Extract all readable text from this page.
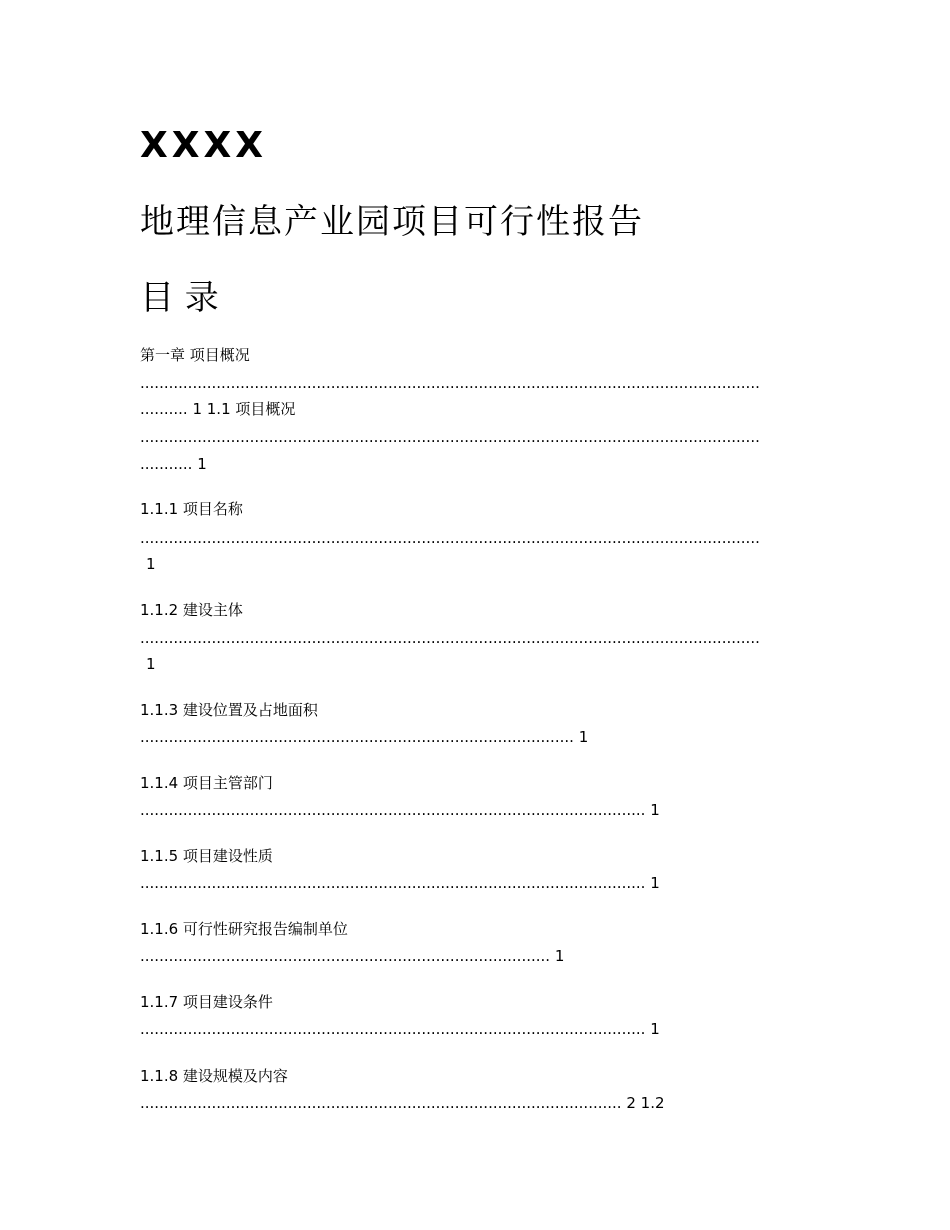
XXXX
地理信息产业园项目可行性报告
目 录
第一章 项目概况
..................................................................................................................................
.......... 1 1.1 项目概况
..................................................................................................................................
........... 1
1.1.1 项目名称
..................................................................................................................................
1
1.1.2 建设主体
..................................................................................................................................
1
1.1.3 建设位置及占地面积
........................................................................................... 1
1.1.4 项目主管部门
.......................................................................................................... 1
1.1.5 项目建设性质
.......................................................................................................... 1
1.1.6 可行性研究报告编制单位
...................................................................................... 1
1.1.7 项目建设条件
.......................................................................................................... 1
1.1.8 建设规模及内容
..................................................................................................... 2 1.2
